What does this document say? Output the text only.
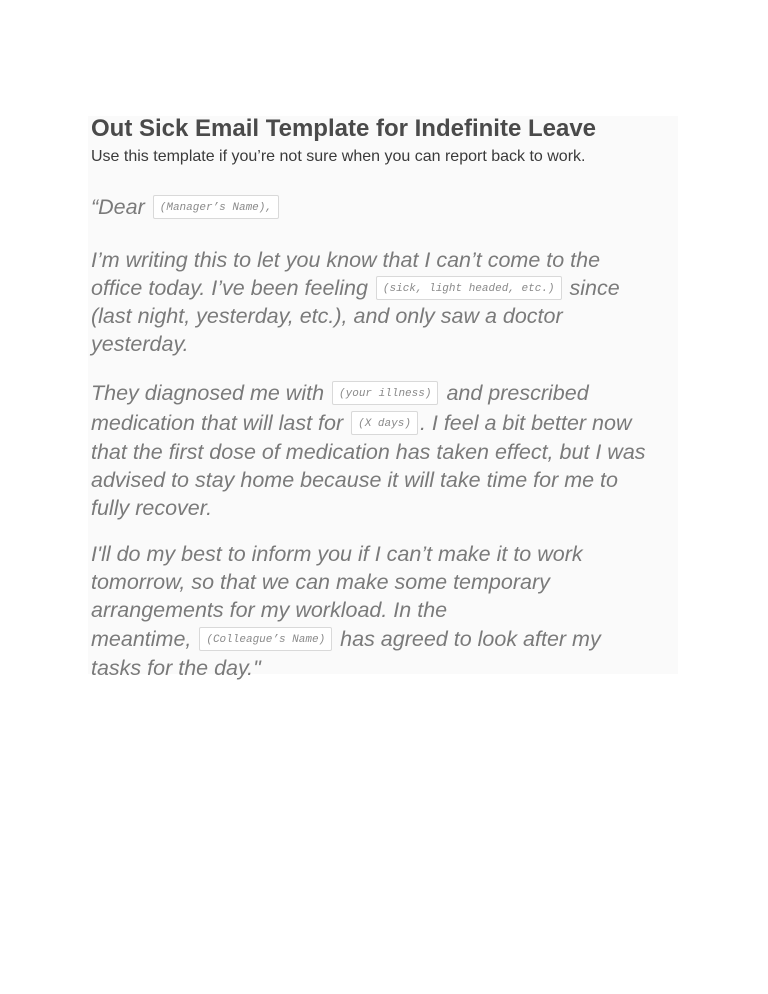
Out Sick Email Template for Indefinite Leave

Use this template if you’re not sure when you can report back to work.

“Dear (Manager’s Name),

I’m writing this to let you know that I can’t come to the
office today. I’ve been feeling (sick, light headed, etc.) since
(last night, yesterday, etc.), and only saw a doctor
yesterday.

They diagnosed me with (your illness) and prescribed
medication that will last for (X days) . I feel a bit better now
that the first dose of medication has taken effect, but I was
advised to stay home because it will take time for me to
fully recover.

I'll do my best to inform you if I can’t make it to work
tomorrow, so that we can make some temporary
arrangements for my workload. In the
meantime, (Colleague’s Name) has agreed to look after my
tasks for the day."
